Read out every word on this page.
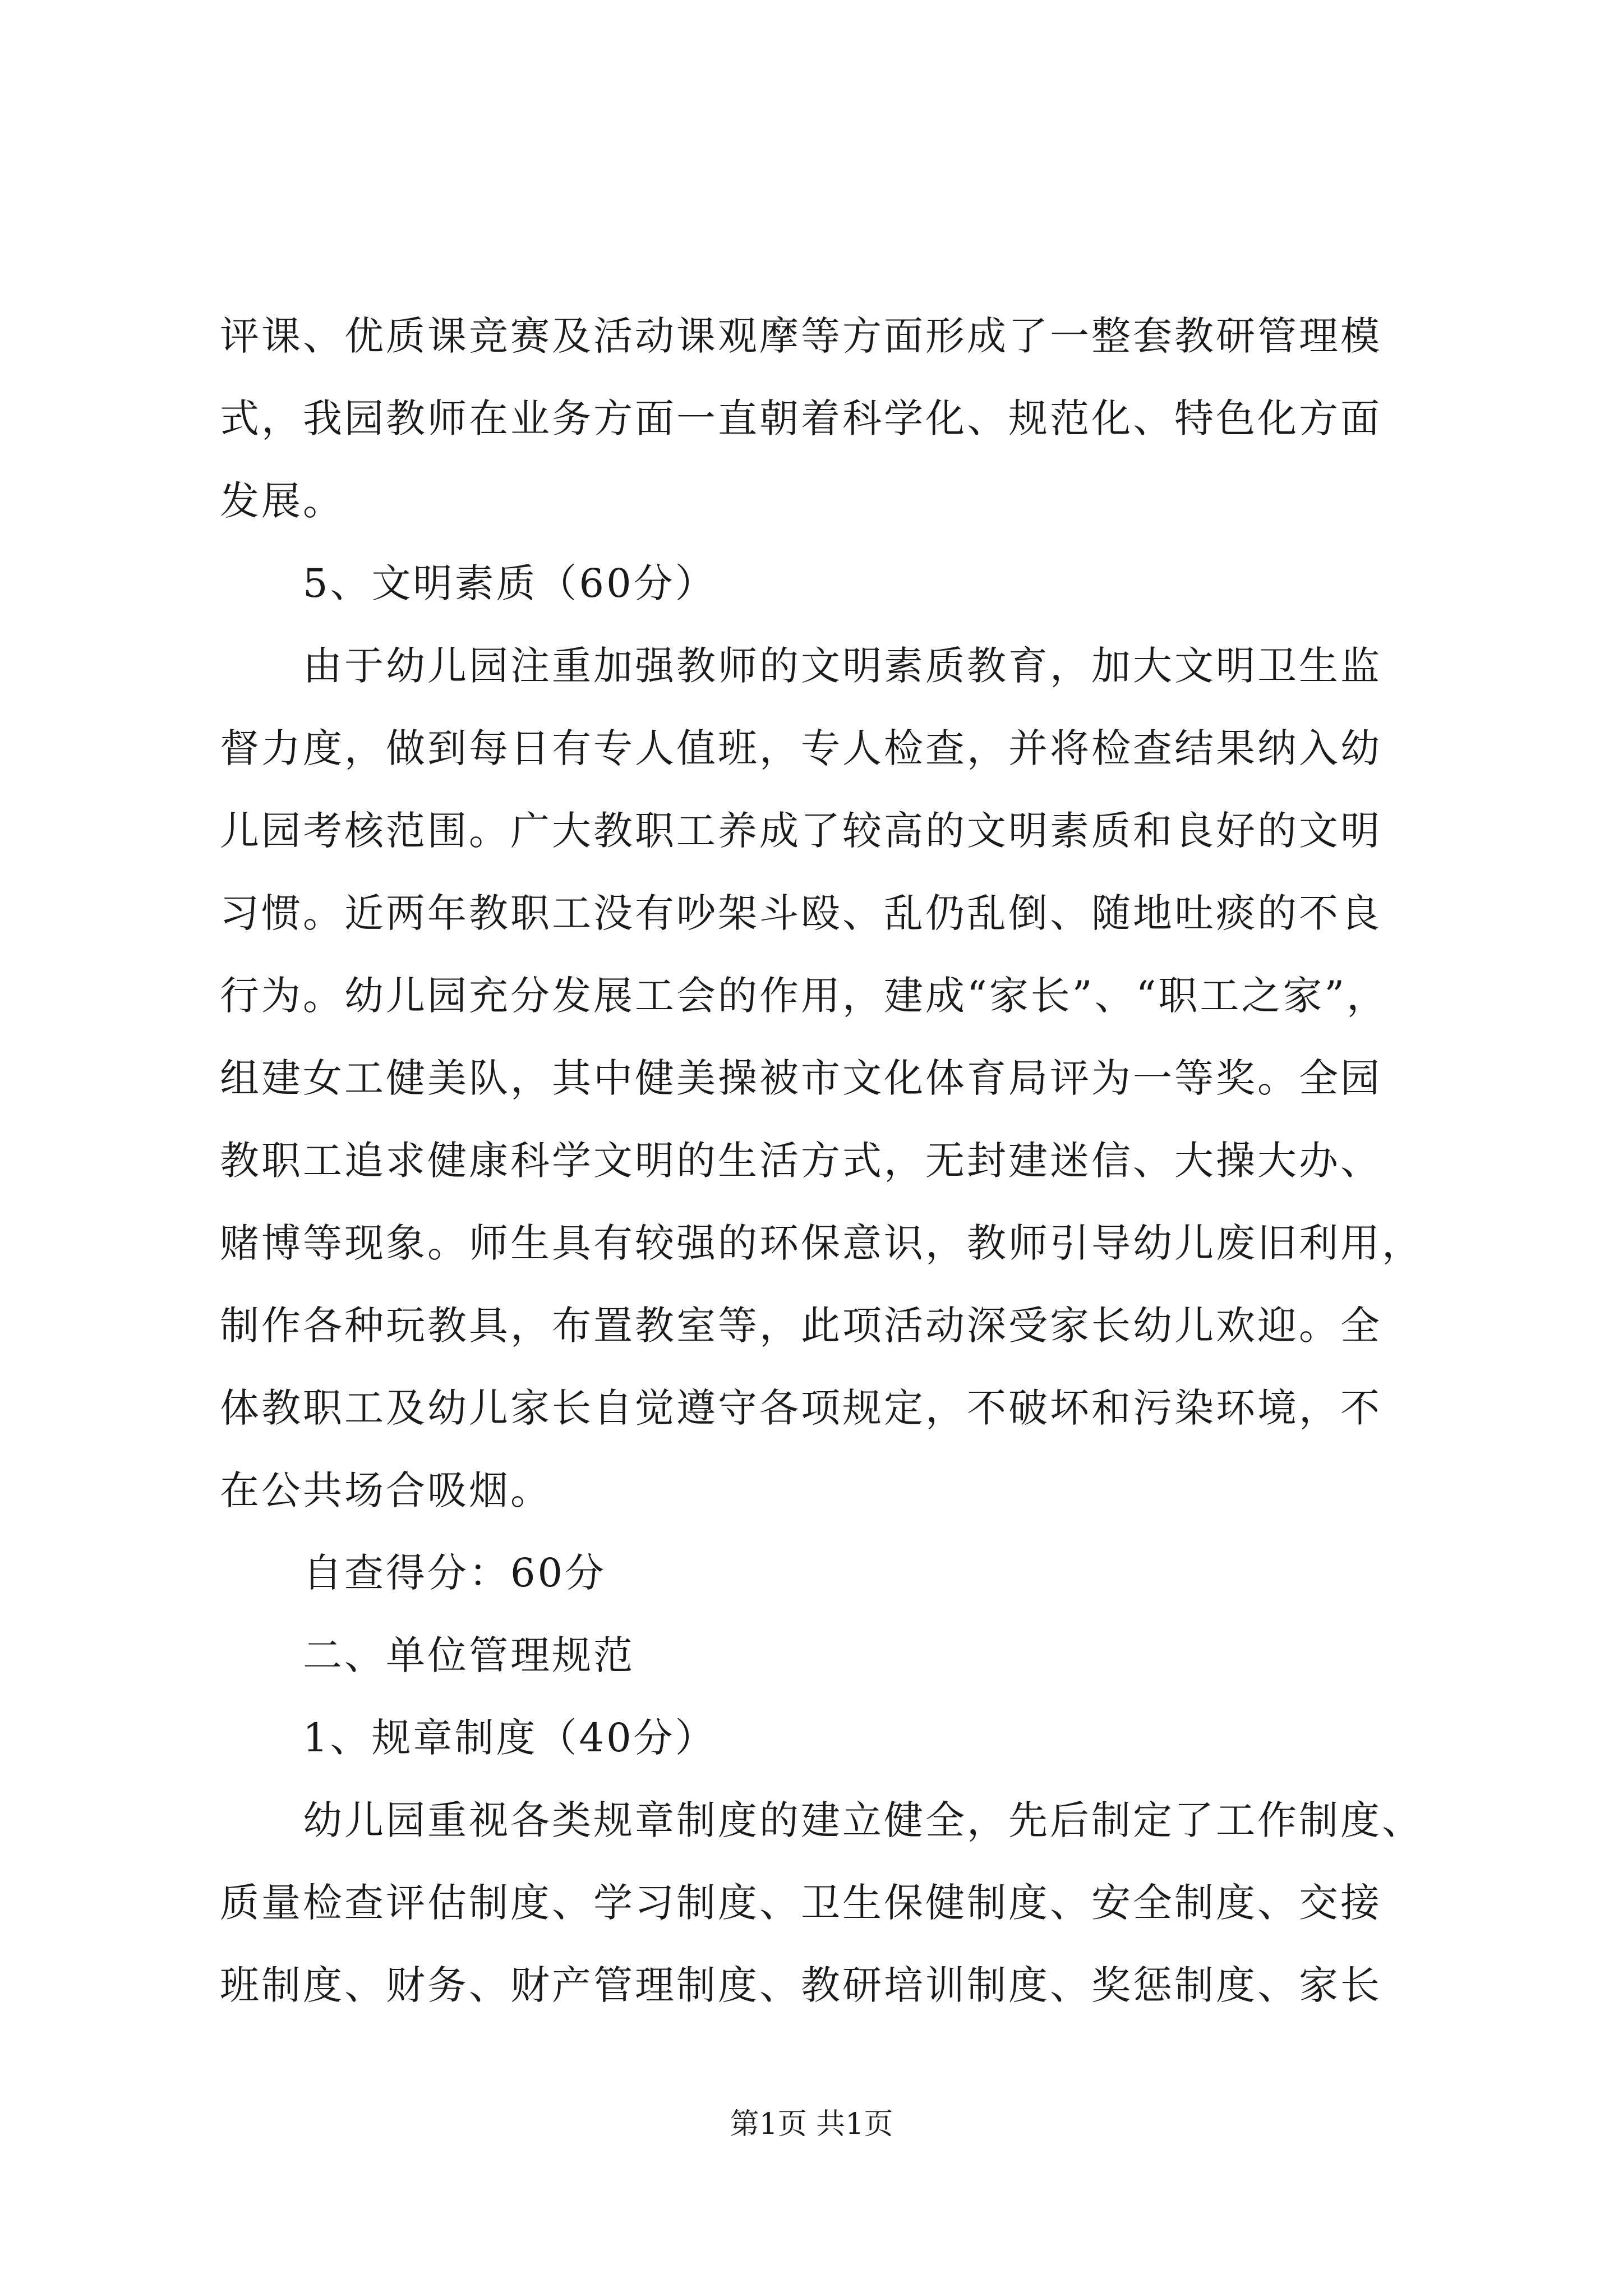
评课、优质课竞赛及活动课观摩等方面形成了一整套教研管理模

式，我园教师在业务方面一直朝着科学化、规范化、特色化方面

发展。

5、文明素质（60分）

由于幼儿园注重加强教师的文明素质教育，加大文明卫生监

督力度，做到每日有专人值班，专人检查，并将检查结果纳入幼

儿园考核范围。广大教职工养成了较高的文明素质和良好的文明

习惯。近两年教职工没有吵架斗殴、乱仍乱倒、随地吐痰的不良

行为。幼儿园充分发展工会的作用，建成“家长”、“职工之家”，

组建女工健美队，其中健美操被市文化体育局评为一等奖。全园

教职工追求健康科学文明的生活方式，无封建迷信、大操大办、

赌博等现象。师生具有较强的环保意识，教师引导幼儿废旧利用，

制作各种玩教具，布置教室等，此项活动深受家长幼儿欢迎。全

体教职工及幼儿家长自觉遵守各项规定，不破坏和污染环境，不

在公共场合吸烟。

自查得分：60分

二、单位管理规范

1、规章制度（40分）

幼儿园重视各类规章制度的建立健全，先后制定了工作制度、

质量检查评估制度、学习制度、卫生保健制度、安全制度、交接

班制度、财务、财产管理制度、教研培训制度、奖惩制度、家长

第1页 共1页
